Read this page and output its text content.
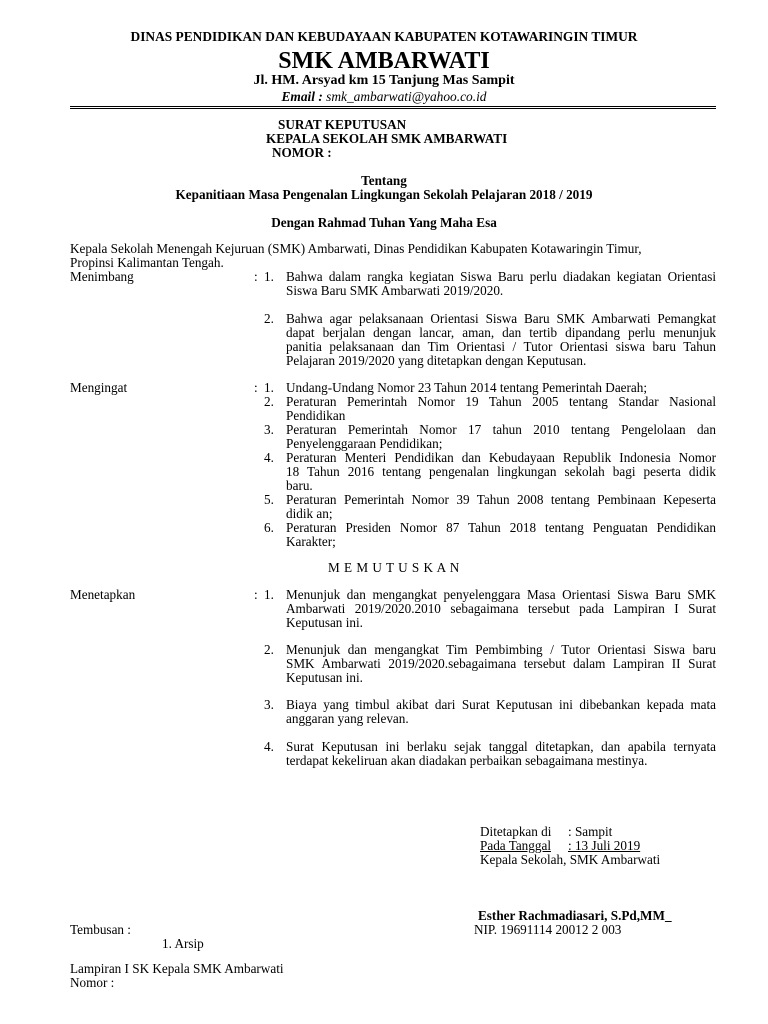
DINAS PENDIDIKAN DAN KEBUDAYAAN KABUPATEN KOTAWARINGIN TIMUR
SMK AMBARWATI
Jl. HM. Arsyad km 15 Tanjung Mas Sampit
Email : smk_ambarwati@yahoo.co.id
SURAT KEPUTUSAN
KEPALA SEKOLAH SMK AMBARWATI
NOMOR :
Tentang
Kepanitiaan Masa Pengenalan Lingkungan Sekolah Pelajaran 2018 / 2019
Dengan Rahmad Tuhan Yang Maha Esa
Kepala Sekolah Menengah Kejuruan (SMK) Ambarwati, Dinas Pendidikan Kabupaten Kotawaringin Timur,
Propinsi Kalimantan Tengah.
Menimbang	: 1. Bahwa dalam rangka kegiatan Siswa Baru perlu diadakan kegiatan Orientasi
Siswa Baru SMK Ambarwati 2019/2020.
2. Bahwa agar pelaksanaan Orientasi Siswa Baru SMK Ambarwati Pemangkat
dapat berjalan dengan lancar, aman, dan tertib dipandang perlu menunjuk
panitia pelaksanaan dan Tim Orientasi / Tutor Orientasi siswa baru Tahun
Pelajaran 2019/2020 yang ditetapkan dengan Keputusan.
Mengingat	: 1. Undang-Undang Nomor 23 Tahun 2014 tentang Pemerintah Daerah;
2. Peraturan Pemerintah Nomor 19 Tahun 2005 tentang Standar Nasional
Pendidikan
3. Peraturan Pemerintah Nomor 17 tahun 2010 tentang Pengelolaan dan
Penyelenggaraan Pendidikan;
4. Peraturan Menteri Pendidikan dan Kebudayaan Republik Indonesia Nomor
18 Tahun 2016 tentang pengenalan lingkungan sekolah bagi peserta didik
baru.
5. Peraturan Pemerintah Nomor 39 Tahun 2008 tentang Pembinaan Kepeserta
didik an;
6. Peraturan Presiden Nomor 87 Tahun 2018 tentang Penguatan Pendidikan
Karakter;
M E M U T U S K A N
Menetapkan	: 1. Menunjuk dan mengangkat penyelenggara Masa Orientasi Siswa Baru SMK
Ambarwati 2019/2020.2010 sebagaimana tersebut pada Lampiran I Surat
Keputusan ini.
2. Menunjuk dan mengangkat Tim Pembimbing / Tutor Orientasi Siswa baru
SMK Ambarwati 2019/2020.sebagaimana tersebut dalam Lampiran II Surat
Keputusan ini.
3. Biaya yang timbul akibat dari Surat Keputusan ini dibebankan kepada mata
anggaran yang relevan.
4. Surat Keputusan ini berlaku sejak tanggal ditetapkan, dan apabila ternyata
terdapat kekeliruan akan diadakan perbaikan sebagaimana mestinya.
Ditetapkan di : Sampit
Pada Tanggal	: 13 Juli 2019
Kepala Sekolah, SMK Ambarwati
Esther Rachmadiasari, S.Pd,MM_
NIP. 19691114 20012 2 003
Tembusan :
1. Arsip
Lampiran I SK Kepala SMK Ambarwati
Nomor :
